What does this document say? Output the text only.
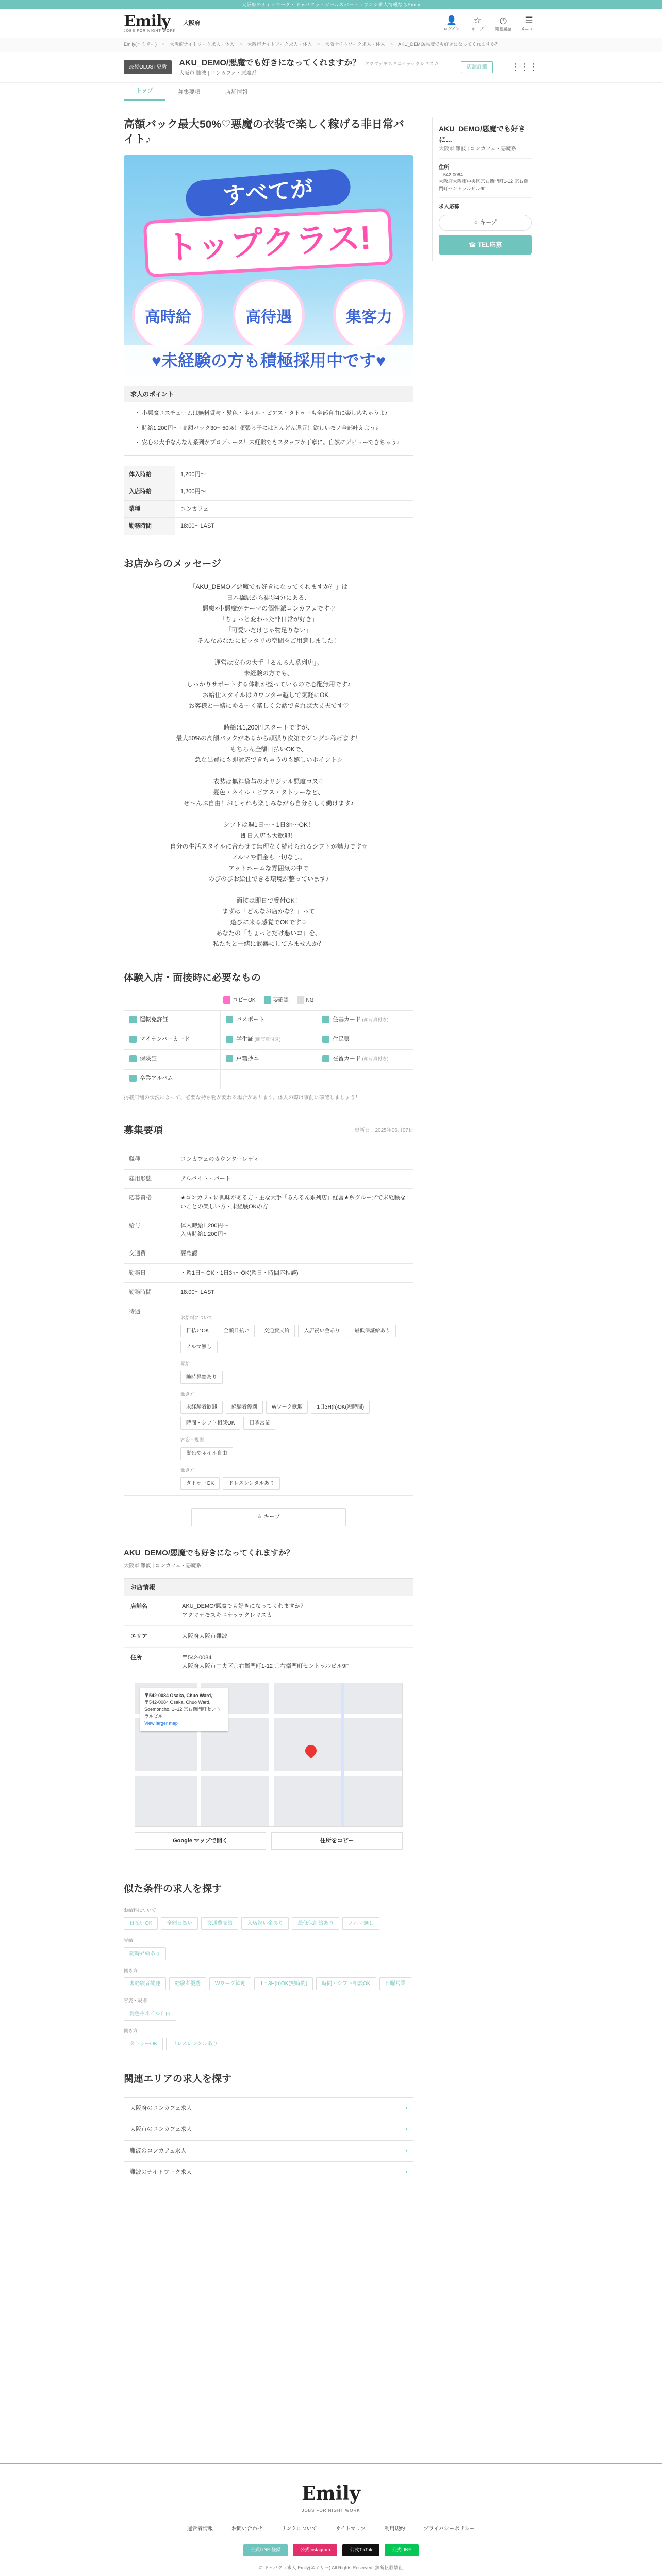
大阪府のナイトワーク・キャバクラ・ガールズバー・ラウンジ求人情報ならEmily
Emily
JOBS FOR NIGHT WORK
大阪府	👤
ログイン
☆
キープ
◷
閲覧履歴
☰
メニュー
Emily(エミリー) > 大阪府ナイトワーク求人・体入 > 大阪市ナイトワーク求人・体入 > 大阪ナイトワーク求人・体入 > AKU_DEMO/悪魔でも好きになってくれますか？
最後OLUST更新	AKU_DEMO/悪魔でも好きになってくれますか？ アクマデモスキニナッテクレマスカ
大阪市 難波 | コンカフェ・悪魔系
店舗詳細	⋮⋮⋮
トップ	募集要項	店舗情報
高額バック最大50%♡悪魔の衣装で楽しく稼げる非日常バイト♪
すべてが
トップクラス!
高時給	高待遇	集客力
♥未経験の方も積極採用中です♥
求人のポイント
・ 小悪魔コスチュームは無料貸与・髪色・ネイル・ピアス・タトゥーも全部自由に楽しめちゃうよ♪
・ 時給1,200円〜+高額バック30〜50%！頑張る子にはどんどん還元！欲しいモノ全部叶えよう♪
・ 安心の大手なんなん系列がプロデュース！未経験でもスタッフが丁寧に。自然にデビューできちゃう♪
体入時給	1,200円〜
入店時給	1,200円〜
業種	コンカフェ
勤務時間	18:00〜LAST
お店からのメッセージ
「AKU_DEMO／悪魔でも好きになってくれますか？」は
日本橋駅から徒歩4分にある、
悪魔×小悪魔がテーマの個性派コンカフェです♡
「ちょっと変わった非日常が好き」
「可愛いだけじゃ物足りない」
そんなあなたにピッタリの空間をご用意しました！

運営は安心の大手「るんるん系列店」。
未経験の方でも、
しっかりサポートする体制が整っているので心配無用です♪
お給仕スタイルはカウンター越しで気軽にOK。
お客様と一緒にゆる〜く楽しく会話できれば大丈夫です♡

時給は1,200円スタートですが、
最大50%の高額バックがあるから頑張り次第でグングン稼げます！
もちろん全額日払いOKで、
急な出費にも即対応できちゃうのも嬉しいポイント☆

衣装は無料貸与のオリジナル悪魔コス♡
髪色・ネイル・ピアス・タトゥーなど、
ぜ〜んぶ自由！おしゃれも楽しみながら自分らしく働けます♪

シフトは週1日〜・1日3h〜OK！
即日入店も大歓迎！
自分の生活スタイルに合わせて無理なく続けられるシフトが魅力です☆
ノルマや罰金も一切なし。
アットホームな雰囲気の中で
のびのびお給仕できる環境が整っています♪

面接は即日で受付OK！
まずは「どんなお店かな？」って
遊びに来る感覚でOKです♡
あなたの「ちょっとだけ悪いコ」を、
私たちと一緒に武器にしてみませんか？
体験入店・面接時に必要なもの
コピーOK	要確認	NG
運転免許証	パスポート	住基カード (顔写真付き)
マイナンバーカード	学生証 (顔写真付き)	住民票
保険証	戸籍抄本	在留カード (顔写真付き)
卒業アルバム
掲載店舗の状況によって、必要な持ち物が変わる場合があります。体入の際は事前に確認しましょう！
募集要項	更新日：2025年06月07日
職種	コンカフェのカウンターレディ
雇用形態	アルバイト・パート
応募資格	★コンカフェに興味がある方・主な大手「るんるん系列店」経営★系グループで未経験ないことの楽しい方・未経験OKの方
給与	体入時給1,200円〜
入店時給1,200円〜
交通費	要確認
勤務日	・週1日〜OK・1日3h〜OK(週日・時間応相談)
勤務時間	18:00〜LAST
待遇	
お給料について
日払いOK	全額日払い	交通費支給	入店祝い金あり	最低保証給あり
ノルマ無し
昇給
随時昇給あり
働き方
未経験者歓迎	経験者優遇	Wワーク歓迎	1日3H(h)OK(短時間)
時間・シフト相談OK	日曜営業
容姿・規則
髪色やネイル自由
働き方
タトゥーOK	ドレスレンタルあり
☆ キープ
AKU_DEMO/悪魔でも好きになってくれますか？
大阪市 難波 | コンカフェ・悪魔系
お店情報
店舗名	AKU_DEMO/悪魔でも好きになってくれますか？
アクマデモスキニナッテクレマスカ
エリア	大阪府大阪市難波
住所	〒542-0084
大阪府大阪市中央区宗右衛門町1-12 宗右衛門町セントラルビル9F
〒542-0084 Osaka, Chuo Ward,
〒542-0084 Osaka, Chuo Ward, Soemoncho, 1−12 宗右衛門町セントラルビル
View larger map
Google マップで開く	住所をコピー
似た条件の求人を探す
お給料について
日払いOK	全額日払い	交通費支給	入店祝い金あり	最低保証給あり	ノルマ無し
昇給
随時昇給あり
働き方
未経験者歓迎	経験者優遇	Wワーク歓迎	1日3H(h)OK(短時間)	時間・シフト相談OK	日曜営業
容姿・規則
髪色やネイル自由
働き方
タトゥーOK	ドレスレンタルあり
関連エリアの求人を探す
大阪府のコンカフェ求人	›
大阪市のコンカフェ求人	›
難波のコンカフェ求人	›
難波のナイトワーク求人	›
AKU_DEMO/悪魔でも好きに...
大阪市 難波 | コンカフェ・悪魔系
住所
〒542-0084
大阪府大阪市中央区宗右衛門町1-12 宗右衛門町セントラルビル9F
求人応募
☆ キープ
☎ TEL応募
Emily
JOBS FOR NIGHT WORK
運営者情報	お問い合わせ	リンクについて	サイトマップ	利用規約	プライバシーポリシー
公式LINE 登録	公式Instagram	公式TikTok	公式LINE
© キャバクラ求人 Emily(エミリー) All Rights Reserved. 無断転載禁止
